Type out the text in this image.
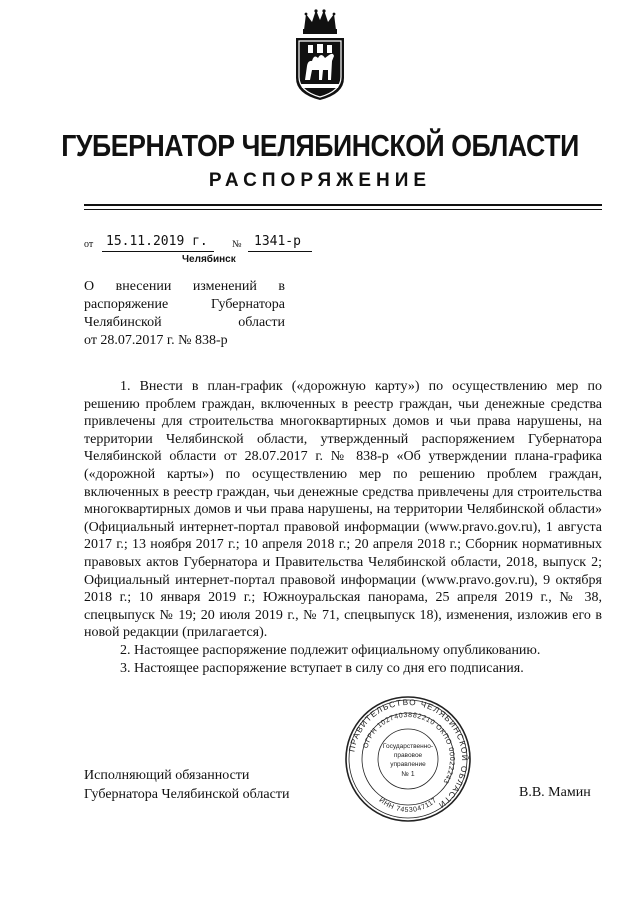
ГУБЕРНАТОР ЧЕЛЯБИНСКОЙ ОБЛАСТИ
РАСПОРЯЖЕНИЕ
от 15.11.2019 г. № 1341-р
Челябинск
О внесении изменений в
распоряжение Губернатора
Челябинской области
от 28.07.2017 г. № 838-р

1. Внести в план-график («дорожную карту») по осуществлению мер по решению проблем граждан, включенных в реестр граждан, чьи денежные средства привлечены для строительства многоквартирных домов и чьи права нарушены, на территории Челябинской области, утвержденный распоряжением Губернатора Челябинской области от 28.07.2017 г. № 838-р «Об утверждении плана-графика («дорожной карты») по осуществлению мер по решению проблем граждан, включенных в реестр граждан, чьи денежные средства привлечены для строительства многоквартирных домов и чьи права нарушены, на территории Челябинской области» (Официальный интернет-портал правовой информации (www.pravo.gov.ru), 1 августа 2017 г.; 13 ноября 2017 г.; 10 апреля 2018 г.; 20 апреля 2018 г.; Сборник нормативных правовых актов Губернатора и Правительства Челябинской области, 2018, выпуск 2; Официальный интернет-портал правовой информации (www.pravo.gov.ru), 9 октября 2018 г.; 10 января 2019 г.; Южноуральская панорама, 25 апреля 2019 г., № 38, спецвыпуск № 19; 20 июля 2019 г., № 71, спецвыпуск 18), изменения, изложив его в новой редакции (прилагается).

2. Настоящее распоряжение подлежит официальному опубликованию.

3. Настоящее распоряжение вступает в силу со дня его подписания.

ПРАВИТЕЛЬСТВО ЧЕЛЯБИНСКОЙ ОБЛАСТИ
ОГРН 1027403882210 ОКПО 00022243
ИНН 7453047117
Государственно-
правовое
управление
№ 1
Исполняющий обязанности
Губернатора Челябинской области	В.В. Мамин
